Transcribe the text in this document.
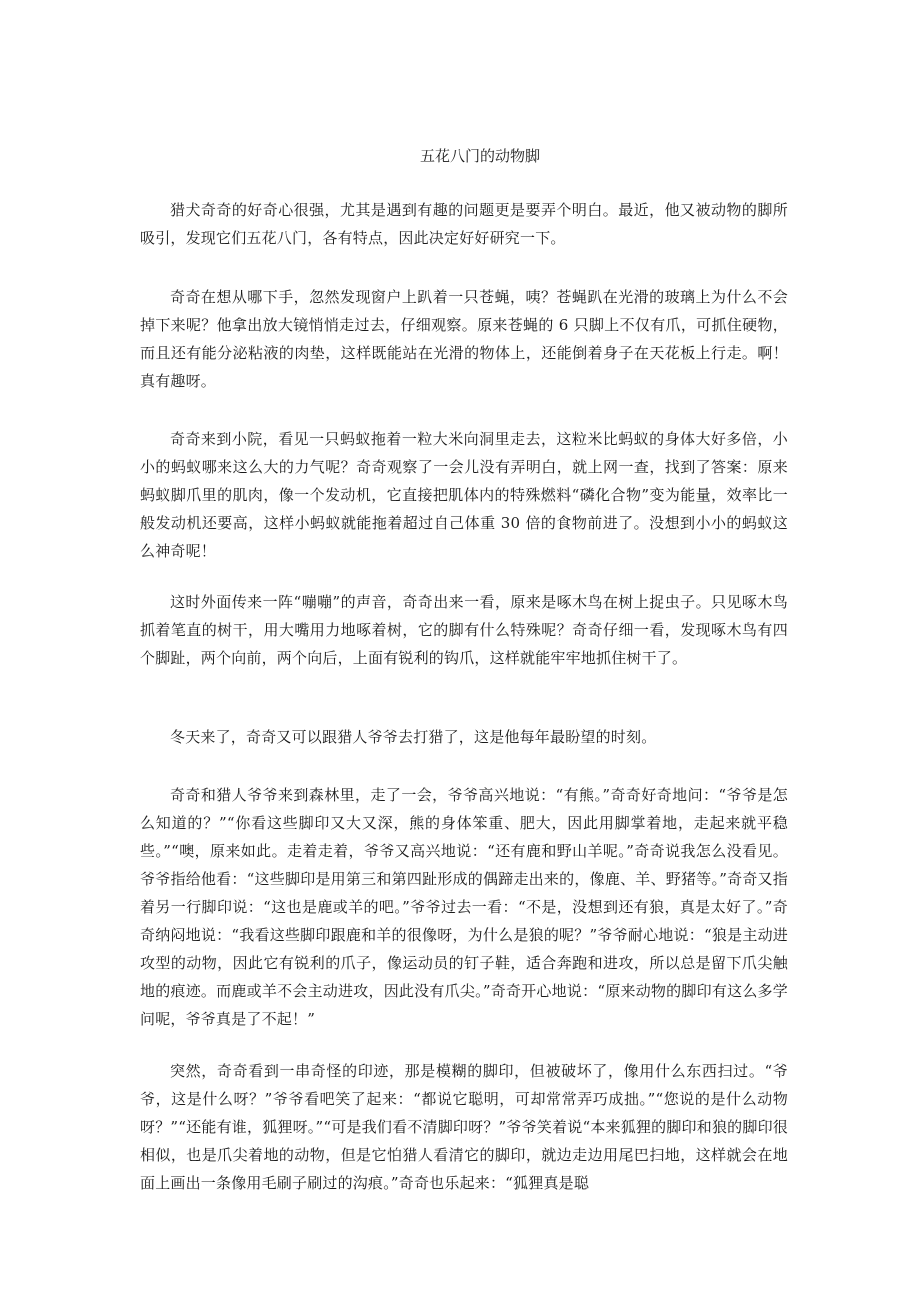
五花八门的动物脚

猎犬奇奇的好奇心很强，尤其是遇到有趣的问题更是要弄个明白。最近，他又被动物的脚所吸引，发现它们五花八门，各有特点，因此决定好好研究一下。

奇奇在想从哪下手，忽然发现窗户上趴着一只苍蝇，咦？苍蝇趴在光滑的玻璃上为什么不会掉下来呢？他拿出放大镜悄悄走过去，仔细观察。原来苍蝇的 6 只脚上不仅有爪，可抓住硬物，而且还有能分泌粘液的肉垫，这样既能站在光滑的物体上，还能倒着身子在天花板上行走。啊！真有趣呀。

奇奇来到小院，看见一只蚂蚁拖着一粒大米向洞里走去，这粒米比蚂蚁的身体大好多倍，小小的蚂蚁哪来这么大的力气呢？奇奇观察了一会儿没有弄明白，就上网一查，找到了答案：原来蚂蚁脚爪里的肌肉，像一个发动机，它直接把肌体内的特殊燃料“磷化合物”变为能量，效率比一般发动机还要高，这样小蚂蚁就能拖着超过自己体重 30 倍的食物前进了。没想到小小的蚂蚁这么神奇呢！

这时外面传来一阵“嘣嘣”的声音，奇奇出来一看，原来是啄木鸟在树上捉虫子。只见啄木鸟抓着笔直的树干，用大嘴用力地啄着树，它的脚有什么特殊呢？奇奇仔细一看，发现啄木鸟有四个脚趾，两个向前，两个向后，上面有锐利的钩爪，这样就能牢牢地抓住树干了。

冬天来了，奇奇又可以跟猎人爷爷去打猎了，这是他每年最盼望的时刻。

奇奇和猎人爷爷来到森林里，走了一会，爷爷高兴地说：“有熊。”奇奇好奇地问：“爷爷是怎么知道的？”“你看这些脚印又大又深，熊的身体笨重、肥大，因此用脚掌着地，走起来就平稳些。”“噢，原来如此。走着走着，爷爷又高兴地说：“还有鹿和野山羊呢。”奇奇说我怎么没看见。爷爷指给他看：“这些脚印是用第三和第四趾形成的偶蹄走出来的，像鹿、羊、野猪等。”奇奇又指着另一行脚印说：“这也是鹿或羊的吧。”爷爷过去一看：“不是，没想到还有狼，真是太好了。”奇奇纳闷地说：“我看这些脚印跟鹿和羊的很像呀，为什么是狼的呢？”爷爷耐心地说：“狼是主动进攻型的动物，因此它有锐利的爪子，像运动员的钉子鞋，适合奔跑和进攻，所以总是留下爪尖触地的痕迹。而鹿或羊不会主动进攻，因此没有爪尖。”奇奇开心地说：“原来动物的脚印有这么多学问呢，爷爷真是了不起！”

突然，奇奇看到一串奇怪的印迹，那是模糊的脚印，但被破坏了，像用什么东西扫过。“爷爷，这是什么呀？”爷爷看吧笑了起来：“都说它聪明，可却常常弄巧成拙。”“您说的是什么动物呀？”“还能有谁，狐狸呀。”“可是我们看不清脚印呀？”爷爷笑着说“本来狐狸的脚印和狼的脚印很相似，也是爪尖着地的动物，但是它怕猎人看清它的脚印，就边走边用尾巴扫地，这样就会在地面上画出一条像用毛刷子刷过的沟痕。”奇奇也乐起来：“狐狸真是聪
